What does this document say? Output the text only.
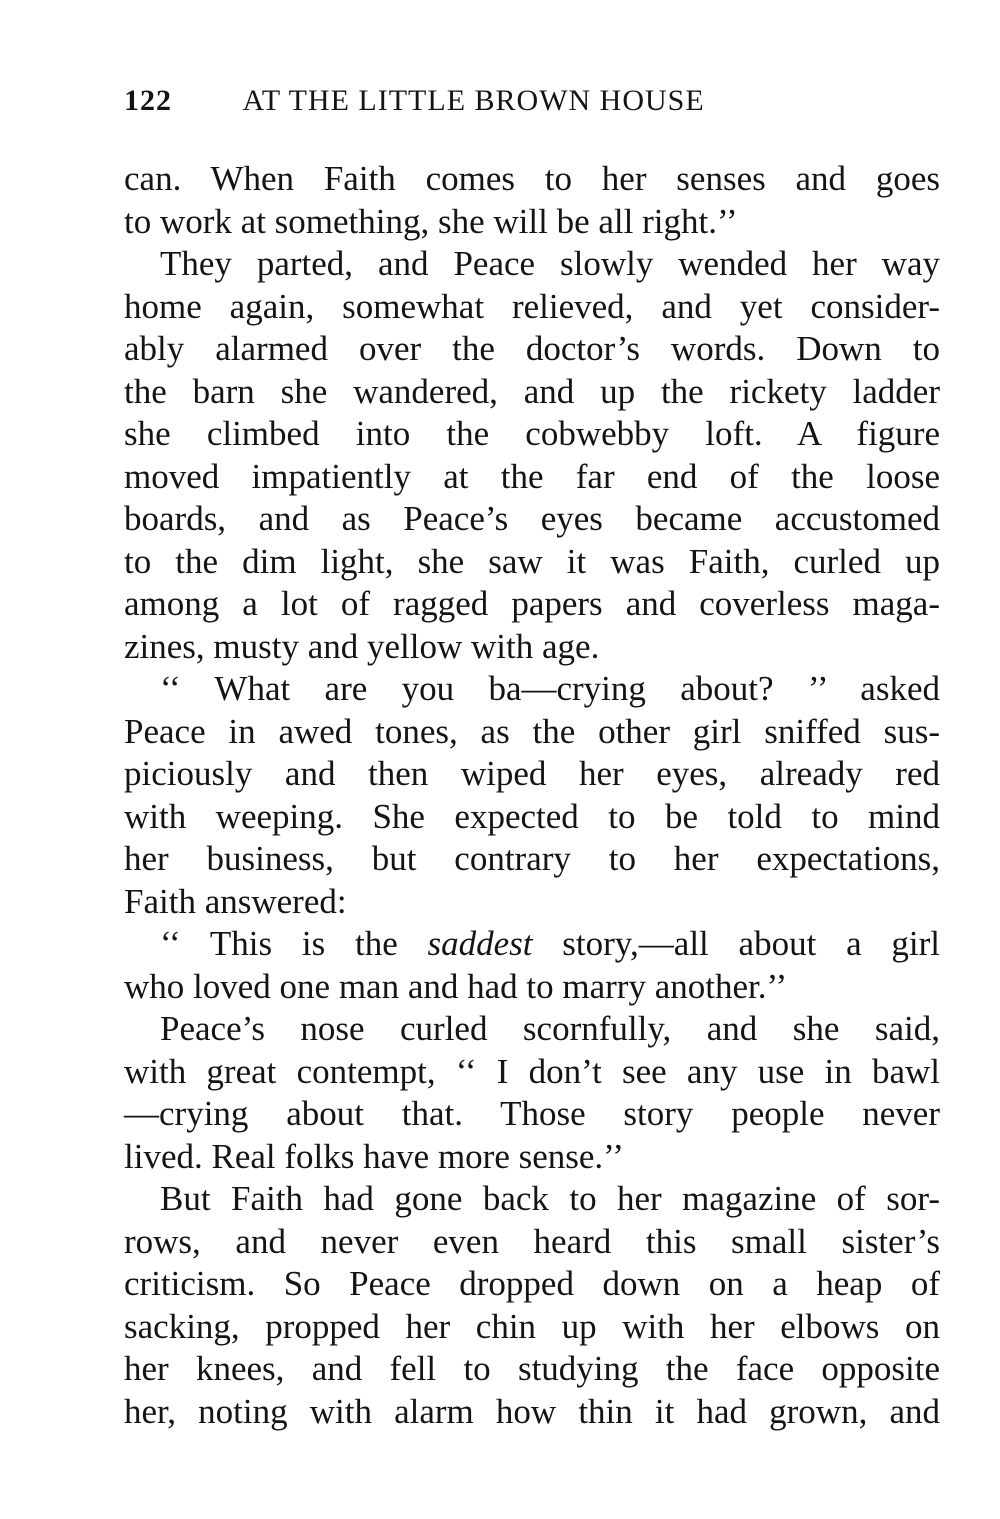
122 AT THE LITTLE BROWN HOUSE
can. When Faith comes to her senses and goes
to work at something, she will be all right.’’
They parted, and Peace slowly wended her way
home again, somewhat relieved, and yet consider-
ably alarmed over the doctor’s words. Down to
the barn she wandered, and up the rickety ladder
she climbed into the cobwebby loft. A figure
moved impatiently at the far end of the loose
boards, and as Peace’s eyes became accustomed
to the dim light, she saw it was Faith, curled up
among a lot of ragged papers and coverless maga-
zines, musty and yellow with age.
‘‘ What are you ba—crying about? ’’ asked
Peace in awed tones, as the other girl sniffed sus-
piciously and then wiped her eyes, already red
with weeping. She expected to be told to mind
her business, but contrary to her expectations,
Faith answered:
‘‘ This is the saddest story,—all about a girl
who loved one man and had to marry another.’’
Peace’s nose curled scornfully, and she said,
with great contempt, ‘‘ I don’t see any use in bawl
—crying about that. Those story people never
lived. Real folks have more sense.’’
But Faith had gone back to her magazine of sor-
rows, and never even heard this small sister’s
criticism. So Peace dropped down on a heap of
sacking, propped her chin up with her elbows on
her knees, and fell to studying the face opposite
her, noting with alarm how thin it had grown, and
